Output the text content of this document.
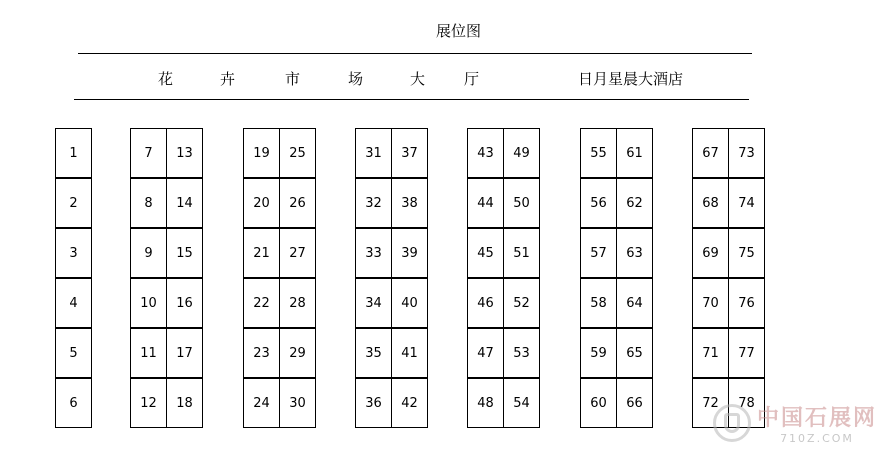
展位图
花	卉	市	场	大	厅	日月星晨大酒店
1
2
3
4
5
6
7	13
8	14
9	15
10	16
11	17
12	18
19	25
20	26
21	27
22	28
23	29
24	30
31	37
32	38
33	39
34	40
35	41
36	42
43	49
44	50
45	51
46	52
47	53
48	54
55	61
56	62
57	63
58	64
59	65
60	66
67	73
68	74
69	75
70	76
71	77
72	78
中国石展网
710Z.COM
